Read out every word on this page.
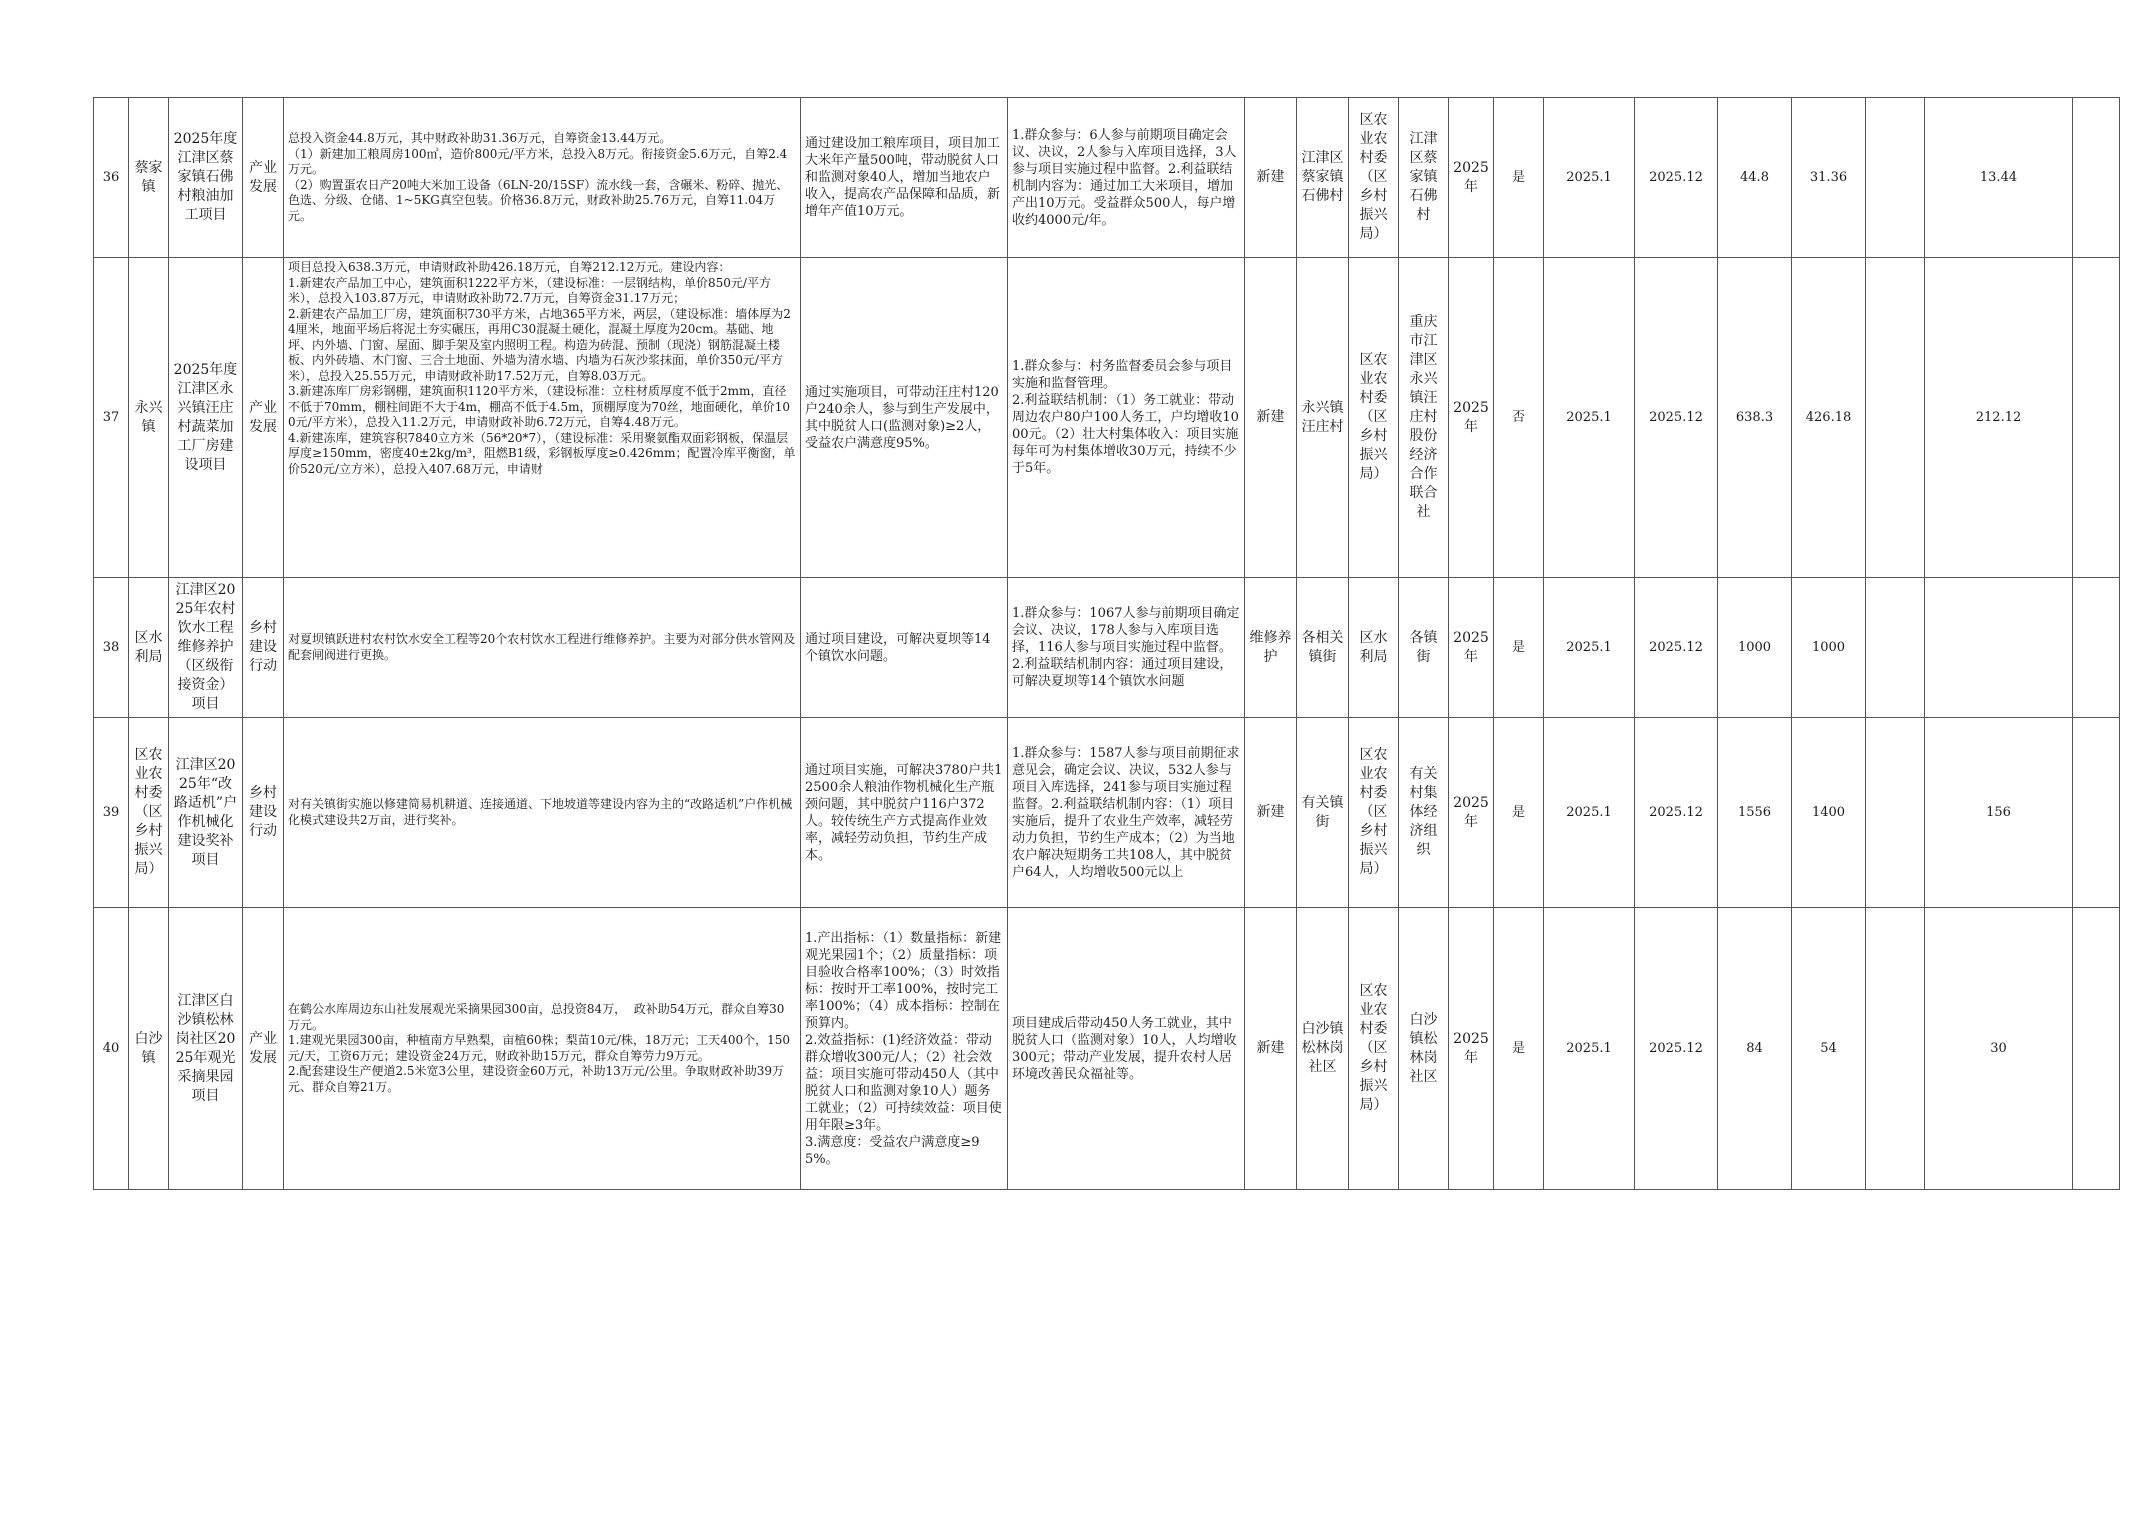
36	蔡家镇	2025年度江津区蔡家镇石佛村粮油加工项目	产业发展	总投入资金44.8万元，其中财政补助31.36万元，自筹资金13.44万元。
（1）新建加工粮周房100㎡，造价800元/平方米，总投入8万元。衔接资金5.6万元，自筹2.4万元。
（2）购置蛋农日产20吨大米加工设备（6LN-20/15SF）流水线一套，含碾米、粉碎、抛光、色选、分级、仓储、1~5KG真空包装。价格36.8万元，财政补助25.76万元，自筹11.04万元。	通过建设加工粮库项目，项目加工大米年产量500吨，带动脱贫人口和监测对象40人，增加当地农户收入，提高农产品保障和品质，新增年产值10万元。	1.群众参与：6人参与前期项目确定会议、决议，2人参与入库项目选择，3人参与项目实施过程中监督。2.利益联结机制内容为：通过加工大米项目，增加产出10万元。受益群众500人，每户增收约4000元/年。	新建	江津区蔡家镇石佛村	区农业农村委（区乡村振兴局）	江津区蔡家镇石佛村	2025年	是	2025.1	2025.12	44.8	31.36		13.44	
37	永兴镇	2025年度江津区永兴镇汪庄村蔬菜加工厂房建设项目	产业发展	项目总投入638.3万元，申请财政补助426.18万元，自筹212.12万元。建设内容：
1.新建农产品加工中心，建筑面积1222平方米，（建设标准：一层钢结构，单价850元/平方米），总投入103.87万元，申请财政补助72.7万元，自筹资金31.17万元；
2.新建农产品加工厂房，建筑面积730平方米，占地365平方米，两层，（建设标准：墙体厚为24厘米，地面平场后将泥土夯实碾压，再用C30混凝土硬化，混凝土厚度为20cm。基础、地坪、内外墙、门窗、屋面、脚手架及室内照明工程。构造为砖混、预制（现浇）钢筋混凝土楼板、内外砖墙、木门窗、三合土地面、外墙为清水墙、内墙为石灰沙浆抹面，单价350元/平方米），总投入25.55万元，申请财政补助17.52万元，自筹8.03万元。
3.新建冻库厂房彩钢棚，建筑面积1120平方米，（建设标准：立柱材质厚度不低于2mm，直径不低于70mm，棚柱间距不大于4m，棚高不低于4.5m，顶棚厚度为70丝，地面硬化，单价100元/平方米），总投入11.2万元，申请财政补助6.72万元，自筹4.48万元。
4.新建冻库，建筑容积7840立方米（56*20*7），（建设标准：采用聚氨酯双面彩钢板，保温层厚度≥150mm，密度40±2kg/m³，阻燃B1级，彩钢板厚度≥0.426mm；配置冷库平衡窗，单价520元/立方米），总投入407.68万元，申请财	通过实施项目，可带动汪庄村120户240余人，参与到生产发展中，其中脱贫人口(监测对象)≥2人，受益农户满意度95%。	1.群众参与：村务监督委员会参与项目实施和监督管理。
2.利益联结机制：（1）务工就业：带动周边农户80户100人务工，户均增收1000元。（2）壮大村集体收入：项目实施每年可为村集体增收30万元，持续不少于5年。	新建	永兴镇汪庄村	区农业农村委（区乡村振兴局）	重庆市江津区永兴镇汪庄村股份经济合作联合社	2025年	否	2025.1	2025.12	638.3	426.18		212.12	
38	区水利局	江津区2025年农村饮水工程维修养护（区级衔接资金）项目	乡村建设行动	对夏坝镇跃进村农村饮水安全工程等20个农村饮水工程进行维修养护。主要为对部分供水管网及配套闸阀进行更换。	通过项目建设，可解决夏坝等14个镇饮水问题。	1.群众参与：1067人参与前期项目确定会议、决议，178人参与入库项目选择，116人参与项目实施过程中监督。2.利益联结机制内容：通过项目建设，可解决夏坝等14个镇饮水问题	维修养护	各相关镇街	区水利局	各镇街	2025年	是	2025.1	2025.12	1000	1000			
39	区农业农村委（区乡村振兴局）	江津区2025年“改路适机”户作机械化建设奖补项目	乡村建设行动	对有关镇街实施以修建简易机耕道、连接通道、下地坡道等建设内容为主的“改路适机”户作机械化模式建设共2万亩，进行奖补。	通过项目实施，可解决3780户共12500余人粮油作物机械化生产瓶颈问题，其中脱贫户116户372人。较传统生产方式提高作业效率，减轻劳动负担，节约生产成本。	1.群众参与：1587人参与项目前期征求意见会，确定会议、决议，532人参与项目入库选择，241参与项目实施过程监督。2.利益联结机制内容：（1）项目实施后，提升了农业生产效率，减轻劳动力负担，节约生产成本；（2）为当地农户解决短期务工共108人，其中脱贫户64人，人均增收500元以上	新建	有关镇街	区农业农村委（区乡村振兴局）	有关村集体经济组织	2025年	是	2025.1	2025.12	1556	1400		156	
40	白沙镇	江津区白沙镇松林岗社区2025年观光采摘果园项目	产业发展	在鹤公水库周边东山社发展观光采摘果园300亩，总投资84万，  政补助54万元，群众自筹30万元。
1.建观光果园300亩，种植南方早熟梨，亩植60株；梨苗10元/株，18万元；工天400个，150元/天，工资6万元；建设资金24万元，财政补助15万元，群众自筹劳力9万元。
2.配套建设生产便道2.5米宽3公里，建设资金60万元，补助13万元/公里。争取财政补助39万元、群众自筹21万。	1.产出指标：（1）数量指标：新建观光果园1个；（2）质量指标：项目验收合格率100%；（3）时效指标：按时开工率100%，按时完工率100%；（4）成本指标：控制在预算内。
2.效益指标：(1)经济效益：带动群众增收300元/人；（2）社会效益：项目实施可带动450人（其中脱贫人口和监测对象10人）题务工就业；（2）可持续效益：项目使用年限≥3年。
3.满意度：受益农户满意度≥95%。	项目建成后带动450人务工就业，其中脱贫人口（监测对象）10人，人均增收300元；带动产业发展，提升农村人居环境改善民众福祉等。	新建	白沙镇松林岗社区	区农业农村委（区乡村振兴局）	白沙镇松林岗社区	2025年	是	2025.1	2025.12	84	54		30	
